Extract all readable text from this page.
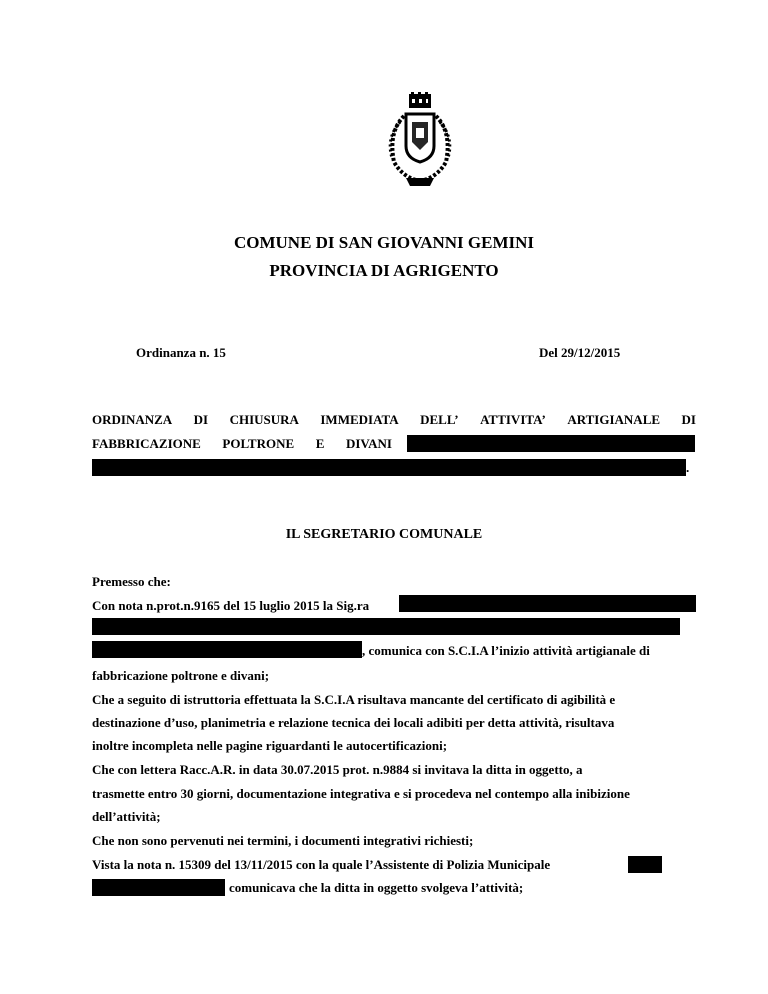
COMUNE DI SAN GIOVANNI GEMINI
PROVINCIA DI AGRIGENTO
Ordinanza n. 15	Del 29/12/2015
ORDINANZA DI CHIUSURA IMMEDIATA DELL’ ATTIVITA’ ARTIGIANALE DI
FABBRICAZIONE POLTRONE E DIVANI
.
IL SEGRETARIO COMUNALE
Premesso che:
Con nota n.prot.n.9165 del 15 luglio 2015 la Sig.ra
, comunica con S.C.I.A l’inizio attività artigianale di
fabbricazione poltrone e divani;
Che a seguito di istruttoria effettuata la S.C.I.A risultava mancante del certificato di agibilità e
destinazione d’uso, planimetria e relazione tecnica dei locali adibiti per detta attività, risultava
inoltre incompleta nelle pagine riguardanti le autocertificazioni;
Che con lettera Racc.A.R. in data 30.07.2015 prot. n.9884 si invitava la ditta in oggetto, a
trasmette entro 30 giorni, documentazione integrativa e si procedeva nel contempo alla inibizione
dell’attività;
Che non sono pervenuti nei termini, i documenti integrativi richiesti;
Vista la nota n. 15309 del 13/11/2015 con la quale l’Assistente di Polizia Municipale
comunicava che la ditta in oggetto svolgeva l’attività;
